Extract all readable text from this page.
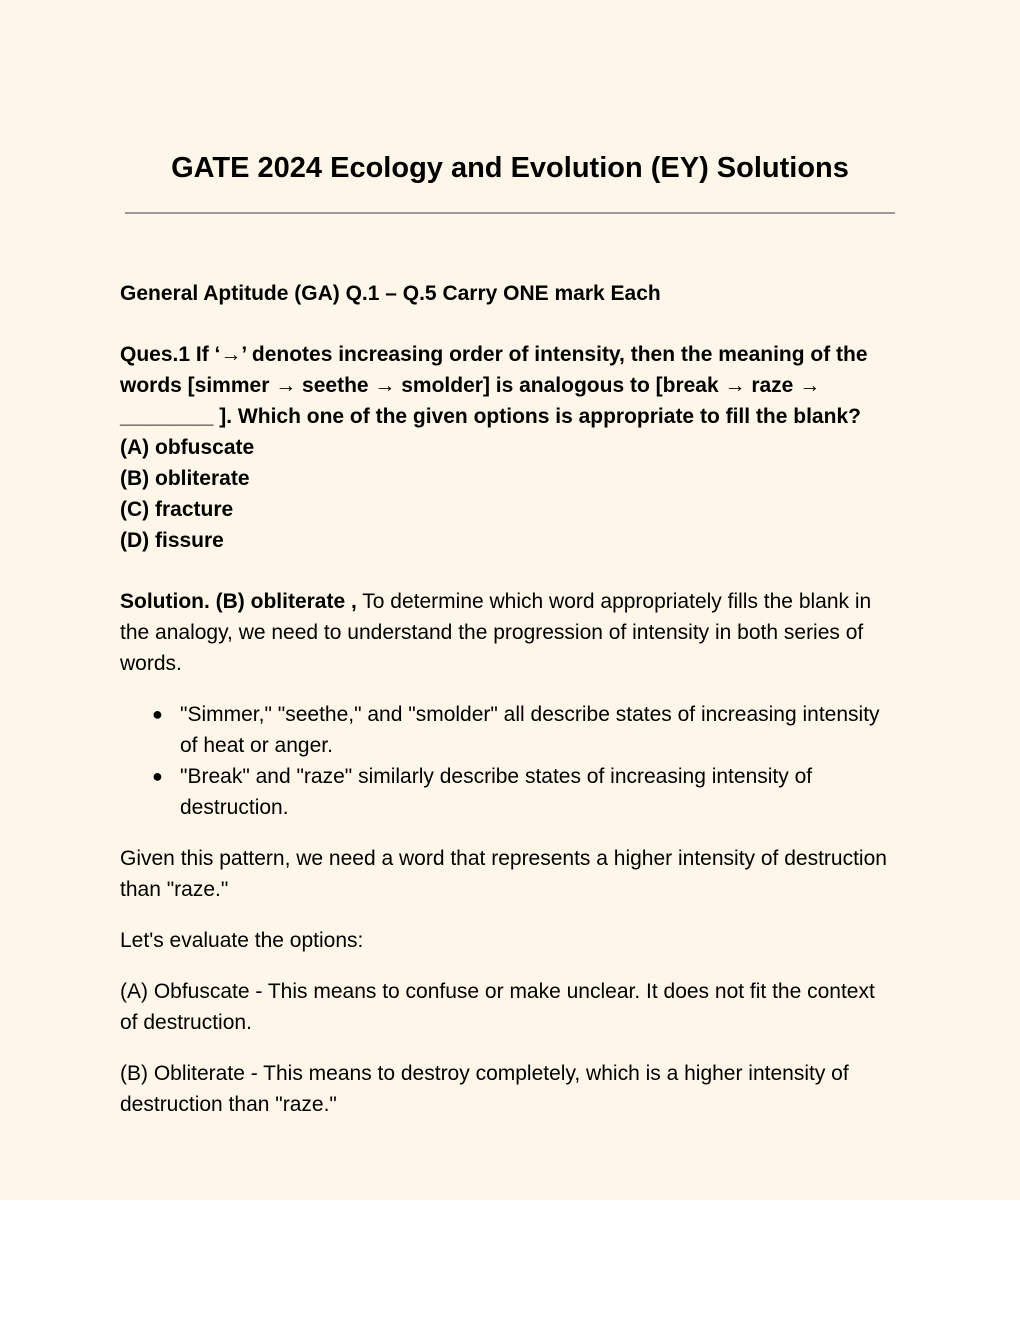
GATE 2024 Ecology and Evolution (EY) Solutions

General Aptitude (GA) Q.1 – Q.5 Carry ONE mark Each

Ques.1 If ‘→’ denotes increasing order of intensity, then the meaning of the words [simmer → seethe → smolder] is analogous to [break → raze → ________ ]. Which one of the given options is appropriate to fill the blank?

(A) obfuscate

(B) obliterate

(C) fracture

(D) fissure

Solution. (B) obliterate , To determine which word appropriately fills the blank in the analogy, we need to understand the progression of intensity in both series of words.

● "Simmer," "seethe," and "smolder" all describe states of increasing intensity of heat or anger.
● "Break" and "raze" similarly describe states of increasing intensity of destruction.

Given this pattern, we need a word that represents a higher intensity of destruction than "raze."

Let's evaluate the options:

(A) Obfuscate - This means to confuse or make unclear. It does not fit the context of destruction.

(B) Obliterate - This means to destroy completely, which is a higher intensity of destruction than "raze."
